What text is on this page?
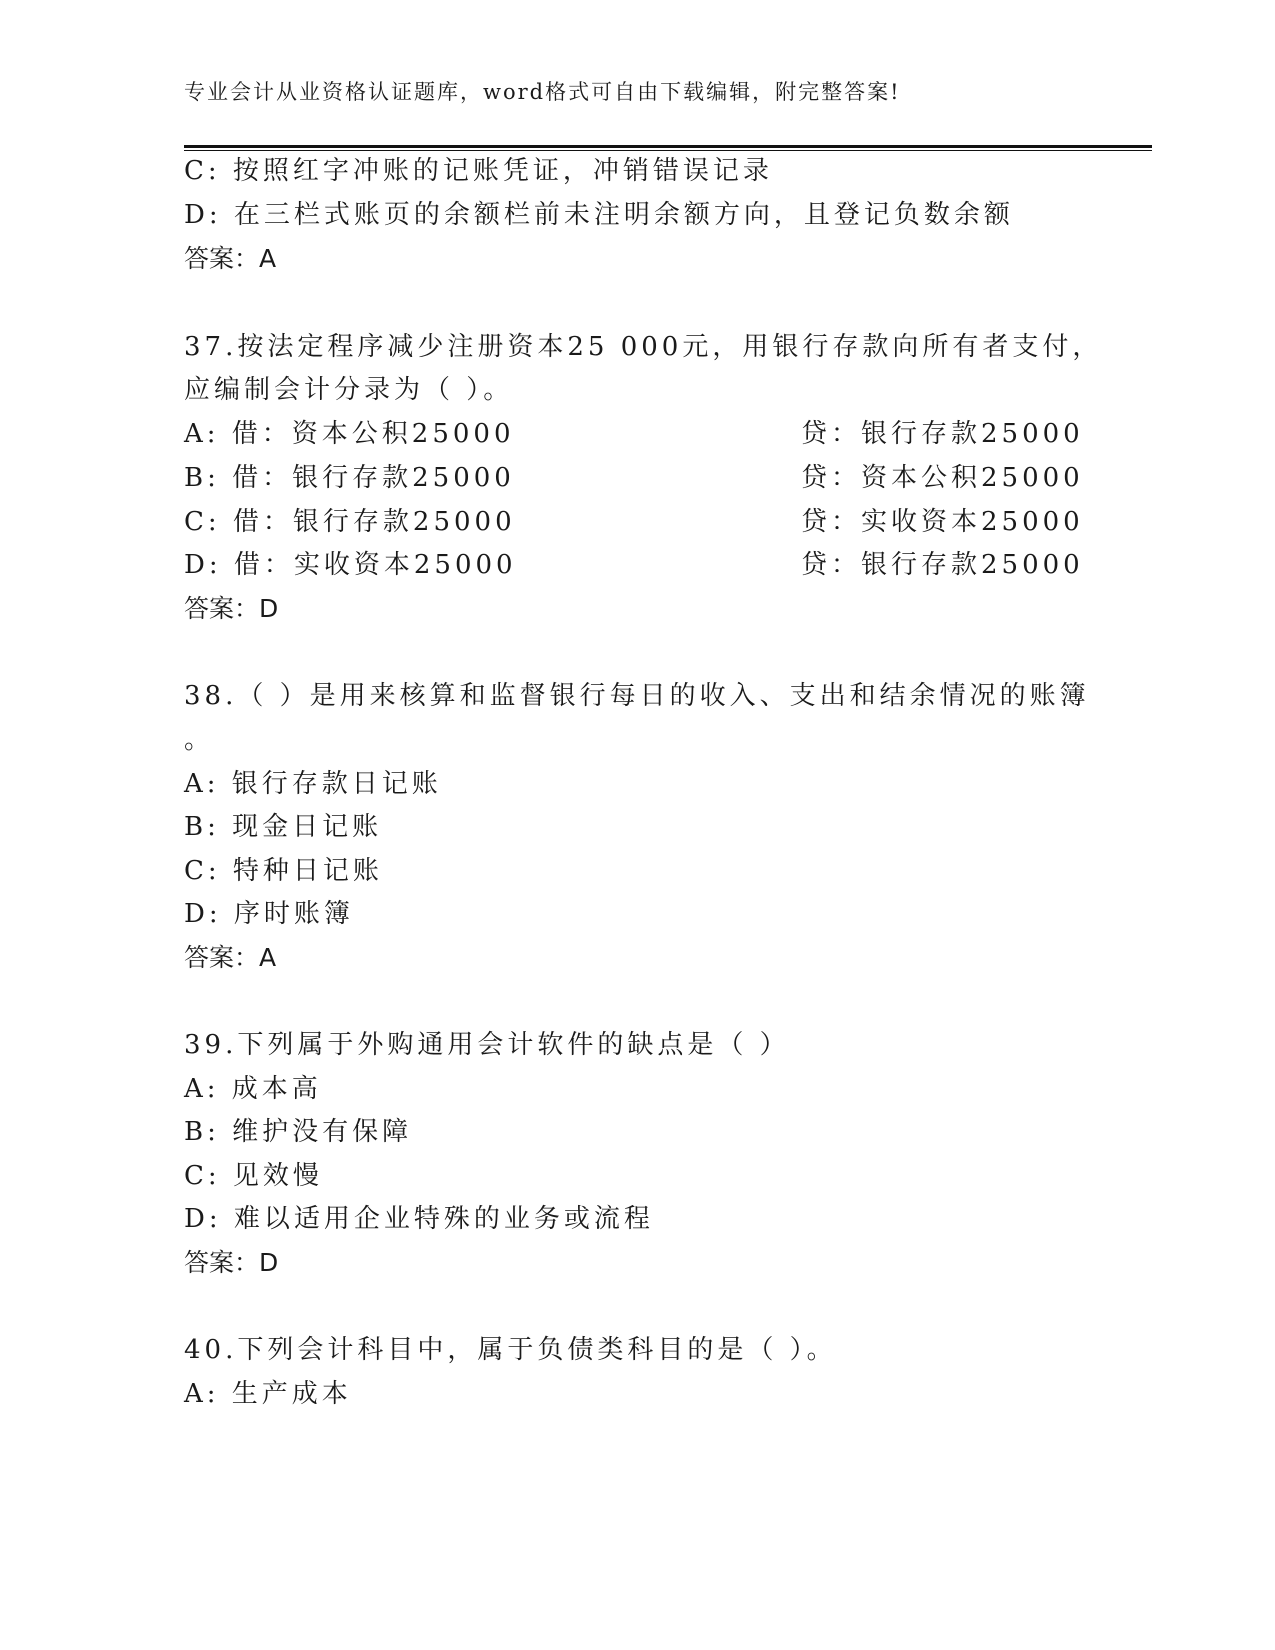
专业会计从业资格认证题库，word格式可自由下载编辑，附完整答案!
C: 按照红字冲账的记账凭证，冲销错误记录
D: 在三栏式账页的余额栏前未注明余额方向，且登记负数余额
答案：A
37.按法定程序减少注册资本25 000元，用银行存款向所有者支付，
应编制会计分录为（ ）。
A: 借：资本公积25000	贷：银行存款25000
B: 借：银行存款25000	贷：资本公积25000
C: 借：银行存款25000	贷：实收资本25000
D: 借：实收资本25000	贷：银行存款25000
答案：D
38.（ ）是用来核算和监督银行每日的收入、支出和结余情况的账簿
。
A: 银行存款日记账
B: 现金日记账
C: 特种日记账
D: 序时账簿
答案：A
39.下列属于外购通用会计软件的缺点是（ ）
A: 成本高
B: 维护没有保障
C: 见效慢
D: 难以适用企业特殊的业务或流程
答案：D
40.下列会计科目中，属于负债类科目的是（ ）。
A: 生产成本
